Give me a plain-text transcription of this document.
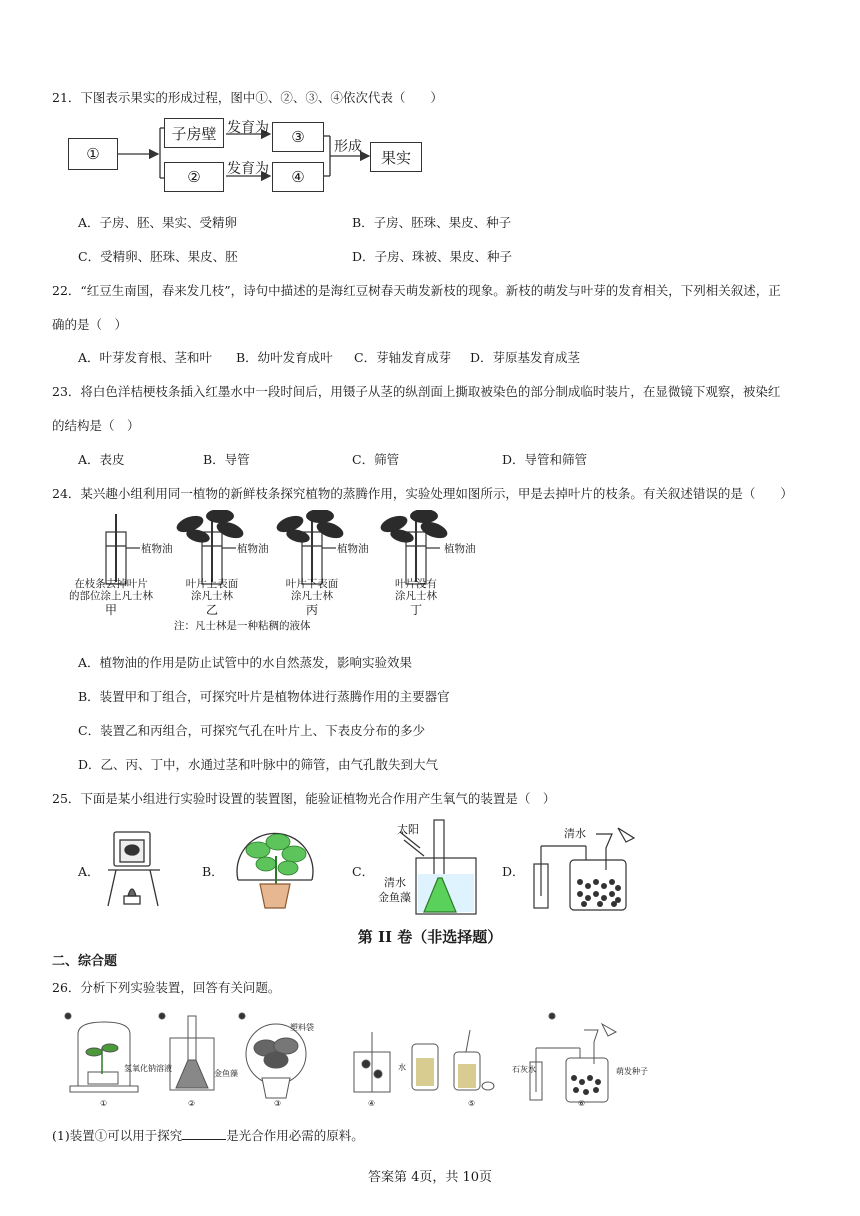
21．下图表示果实的形成过程，图中①、②、③、④依次代表（　　）
①
子房壁
②
发育为
发育为
③
④
形成
果实
A．子房、胚、果实、受精卵	B．子房、胚珠、果皮、种子
C．受精卵、胚珠、果皮、胚	D．子房、珠被、果皮、种子
22．“红豆生南国，春来发几枝”，诗句中描述的是海红豆树春天萌发新枝的现象。新枝的萌发与叶芽的发育相关，下列相关叙述，正
确的是（　）
A．叶芽发育根、茎和叶 B．幼叶发育成叶 C．芽轴发育成芽 D．芽原基发育成茎
23．将白色洋桔梗枝条插入红墨水中一段时间后，用镊子从茎的纵剖面上撕取被染色的部分制成临时装片，在显微镜下观察，被染红
的结构是（　）
A．表皮	B．导管	C．筛管	D．导管和筛管
24．某兴趣小组利用同一植物的新鲜枝条探究植物的蒸腾作用，实验处理如图所示，甲是去掉叶片的枝条。有关叙述错误的是（　　）
植物油	植物油	植物油	植物油
在枝条去掉叶片
的部位涂上凡士林
叶片上表面
涂凡士林
叶片下表面
涂凡士林
叶片没有
涂凡士林
甲	乙	丙	丁
注：凡士林是一种粘稠的液体
A．植物油的作用是防止试管中的水自然蒸发，影响实验效果
B．装置甲和丁组合，可探究叶片是植物体进行蒸腾作用的主要器官
C．装置乙和丙组合，可探究气孔在叶片上、下表皮分布的多少
D．乙、丙、丁中，水通过茎和叶脉中的筛管，由气孔散失到大气
25．下面是某小组进行实验时设置的装置图，能验证植物光合作用产生氧气的装置是（　）
A．	B．	C．
太阳
清水
金鱼藻
D．
清水
第 II 卷（非选择题）
二、综合题
26．分析下列实验装置，回答有关问题。
氢氧化钠溶液
金鱼藻
塑料袋
水	石灰水	萌发种子
①	②	③	④	⑤	⑥
(1)装置①可以用于探究	是光合作用必需的原料。
答案第 4页，共 10页
